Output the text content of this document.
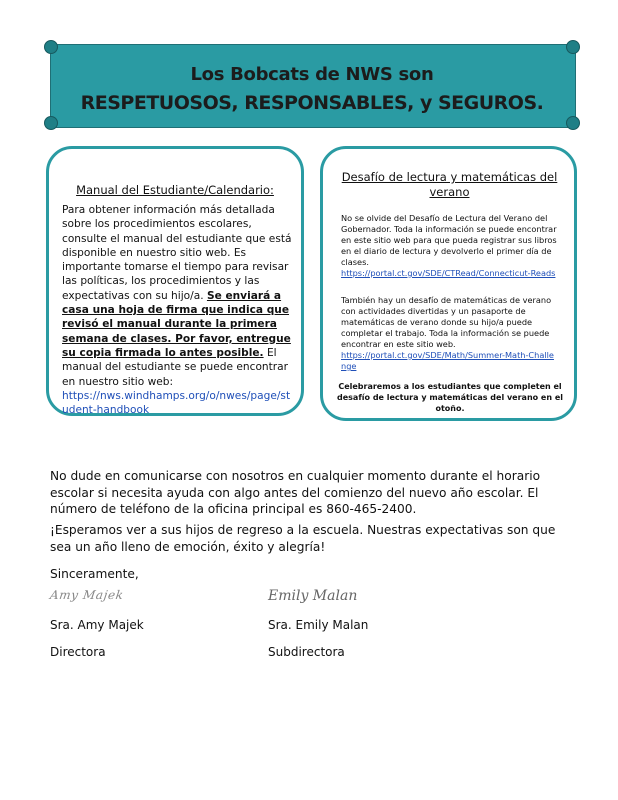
Los Bobcats de NWS son
RESPETUOSOS, RESPONSABLES, y SEGUROS.
Manual del Estudiante/Calendario:
Para obtener información más detallada sobre los procedimientos escolares, consulte el manual del estudiante que está disponible en nuestro sitio web. Es importante tomarse el tiempo para revisar las políticas, los procedimientos y las expectativas con su hijo/a. Se enviará a casa una hoja de firma que indica que revisó el manual durante la primera semana de clases. Por favor, entregue su copia firmada lo antes posible. El manual del estudiante se puede encontrar en nuestro sitio web:
https://nws.windhamps.org/o/nwes/page/student-handbook
Desafío de lectura y matemáticas del verano
No se olvide del Desafío de Lectura del Verano del Gobernador. Toda la información se puede encontrar en este sitio web para que pueda registrar sus libros en el diario de lectura y devolverlo el primer día de clases.
https://portal.ct.gov/SDE/CTRead/Connecticut-Reads
También hay un desafío de matemáticas de verano con actividades divertidas y un pasaporte de matemáticas de verano donde su hijo/a puede completar el trabajo. Toda la información se puede encontrar en este sitio web.
https://portal.ct.gov/SDE/Math/Summer-Math-Challenge
Celebraremos a los estudiantes que completen el desafío de lectura y matemáticas del verano en el otoño.
No dude en comunicarse con nosotros en cualquier momento durante el horario escolar si necesita ayuda con algo antes del comienzo del nuevo año escolar. El número de teléfono de la oficina principal es 860-465-2400.
¡Esperamos ver a sus hijos de regreso a la escuela. Nuestras expectativas son que sea un año lleno de emoción, éxito y alegría!
Sinceramente,
Amy Majek	Emily Malan
Sra. Amy Majek	Sra. Emily Malan
Directora	Subdirectora
